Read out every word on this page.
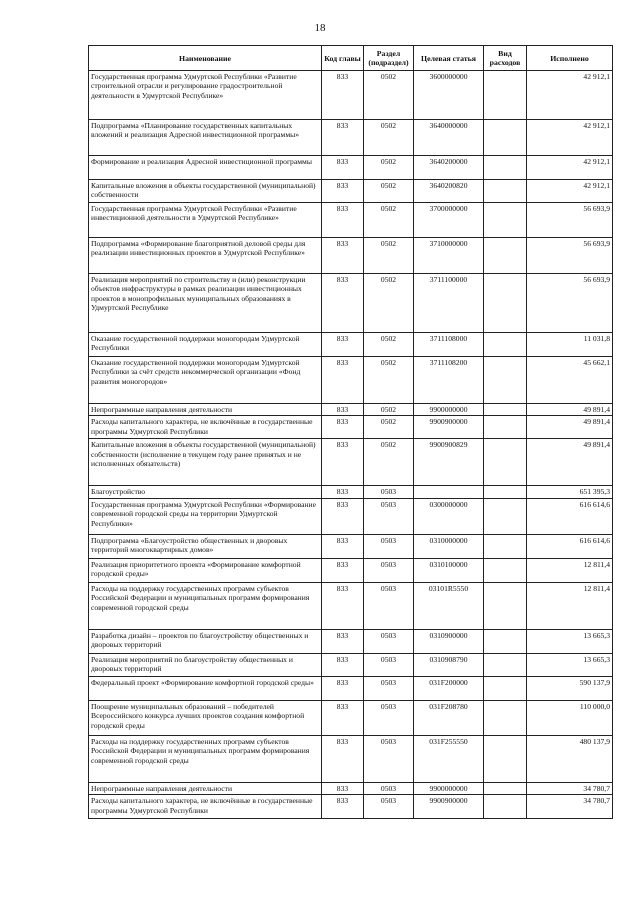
18
Наименование	Код главы	Раздел (подраздел)	Целевая статья	Вид расходов	Исполнено
Государственная программа Удмуртской Республики «Развитие строительной отрасли и регулирование градостроительной деятельности в Удмуртской Республике»	833	0502	3600000000		42 912,1
Подпрограмма «Планирование государственных капитальных вложений и реализация Адресной инвестиционной программы»	833	0502	3640000000		42 912,1
Формирование и реализация Адресной инвестиционной программы	833	0502	3640200000		42 912,1
Капитальные вложения в объекты государственной (муниципальной) собственности	833	0502	3640200820		42 912,1
Государственная программа Удмуртской Республики «Развитие инвестиционной деятельности в Удмуртской Республике»	833	0502	3700000000		56 693,9
Подпрограмма «Формирование благоприятной деловой среды для реализации инвестиционных проектов в Удмуртской Республике»	833	0502	3710000000		56 693,9
Реализация мероприятий по строительству и (или) реконструкции объектов инфраструктуры в рамках реализации инвестиционных проектов в монопрофильных муниципальных образованиях в Удмуртской Республике	833	0502	3711100000		56 693,9
Оказание государственной поддержки моногородам Удмуртской Республики	833	0502	3711108000		11 031,8
Оказание государственной поддержки моногородам Удмуртской Республики за счёт средств некоммерческой организации «Фонд развития моногородов»	833	0502	3711108200		45 662,1
Непрограммные направления деятельности	833	0502	9900000000		49 891,4
Расходы капитального характера, не включённые в государственные программы Удмуртской Республики	833	0502	9900900000		49 891,4
Капитальные вложения в объекты государственной (муниципальной) собственности (исполнение в текущем году ранее принятых и не исполненных обязательств)	833	0502	9900900829		49 891,4
Благоустройство	833	0503			651 395,3
Государственная программа Удмуртской Республики «Формирование современной городской среды на территории Удмуртской Республики»	833	0503	0300000000		616 614,6
Подпрограмма «Благоустройство общественных и дворовых территорий многоквартирных домов»	833	0503	0310000000		616 614,6
Реализация приоритетного проекта «Формирование комфортной городской среды»	833	0503	0310100000		12 811,4
Расходы на поддержку государственных программ субъектов Российской Федерации и муниципальных программ формирования современной городской среды	833	0503	03101R5550		12 811,4
Разработка дизайн – проектов по благоустройству общественных и дворовых территорий	833	0503	0310900000		13 665,3
Реализация мероприятий по благоустройству общественных и дворовых территорий	833	0503	0310908790		13 665,3
Федеральный проект «Формирование комфортной городской среды»	833	0503	031F200000		590 137,9
Поощрение муниципальных образований – победителей Всероссийского конкурса лучших проектов создания комфортной городской среды	833	0503	031F208780		110 000,0
Расходы на поддержку государственных программ субъектов Российской Федерации и муниципальных программ формирования современной городской среды	833	0503	031F255550		480 137,9
Непрограммные направления деятельности	833	0503	9900000000		34 780,7
Расходы капитального характера, не включённые в государственные программы Удмуртской Республики	833	0503	9900900000		34 780,7
